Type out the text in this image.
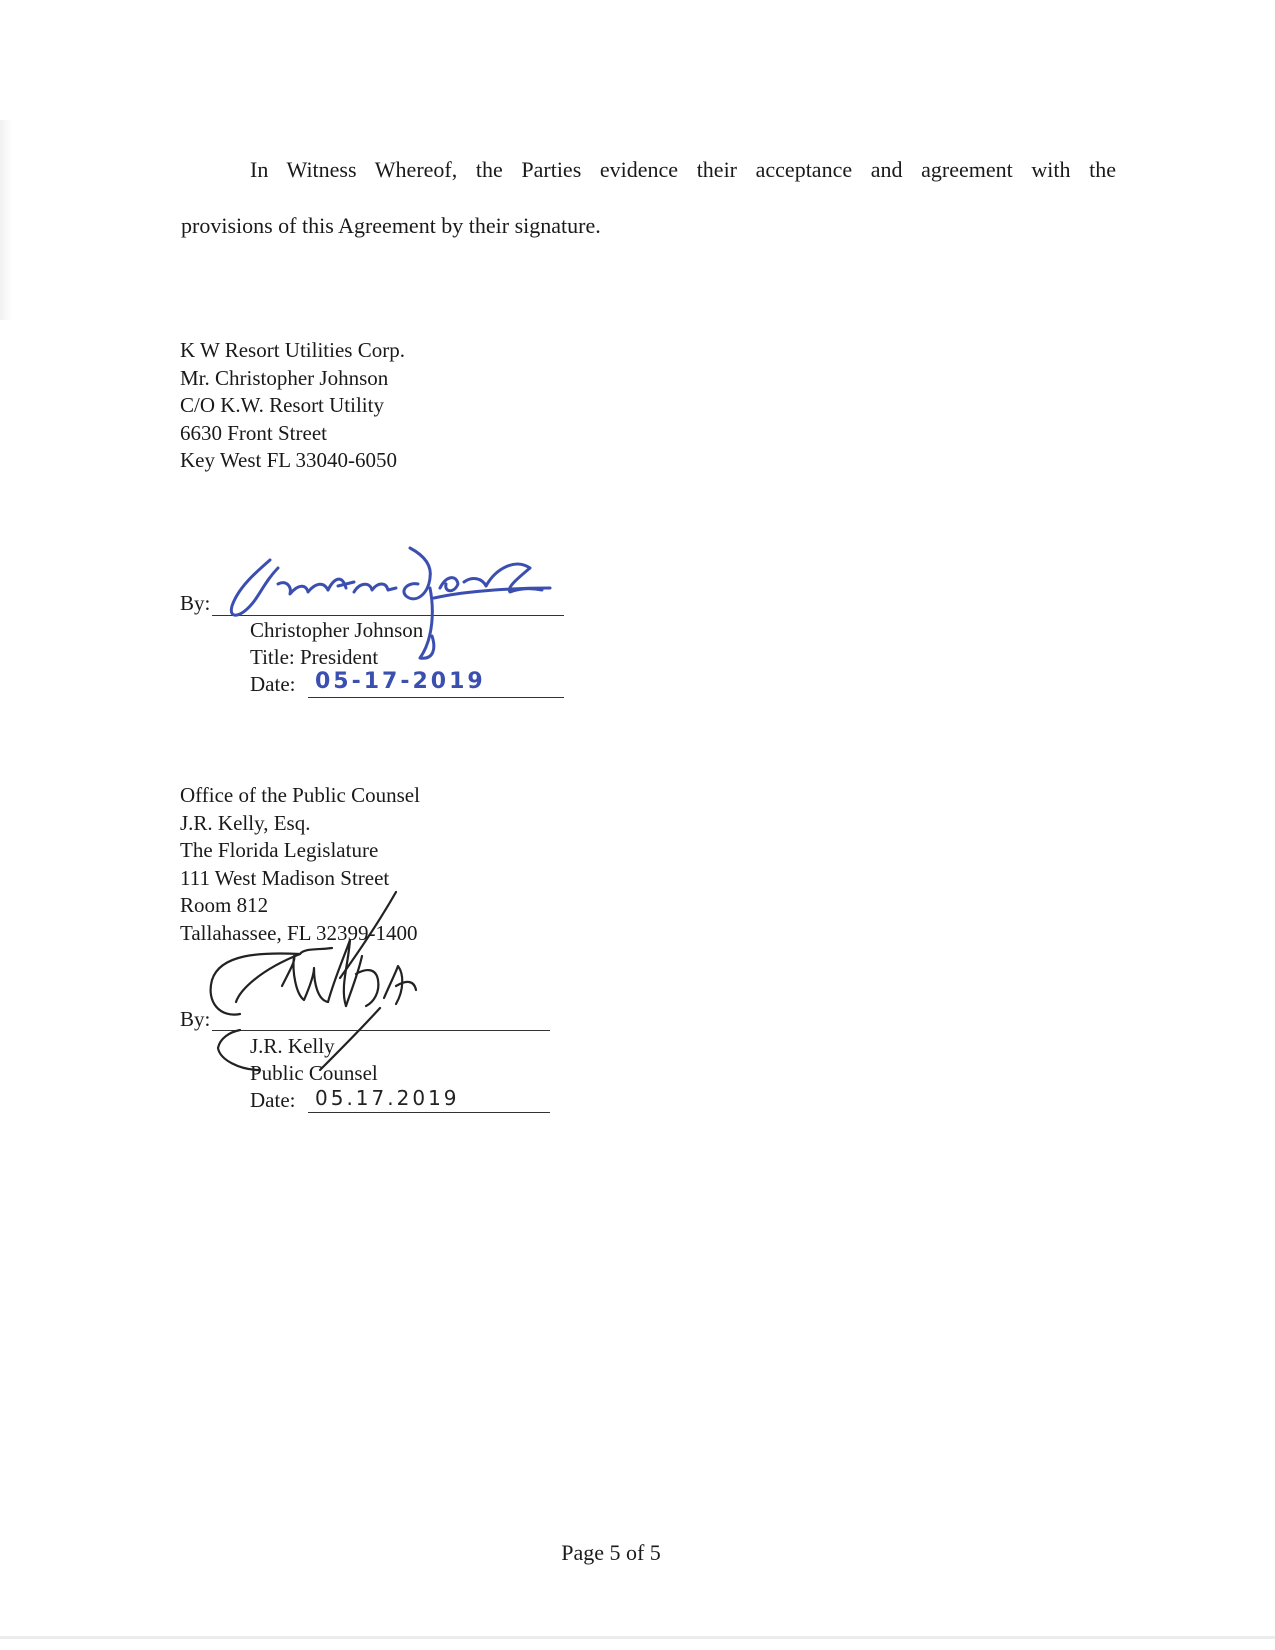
In Witness Whereof, the Parties evidence their acceptance and agreement with the
provisions of this Agreement by their signature.

K W Resort Utilities Corp.
Mr. Christopher Johnson
C/O K.W. Resort Utility
6630 Front Street
Key West FL 33040-6050
By:
Christopher Johnson
Title: President
Date: 05-17-2019
Office of the Public Counsel
J.R. Kelly, Esq.
The Florida Legislature
111 West Madison Street
Room 812
Tallahassee, FL 32399-1400
By:
J.R. Kelly
Public Counsel
Date: 05.17.2019
Page 5 of 5
